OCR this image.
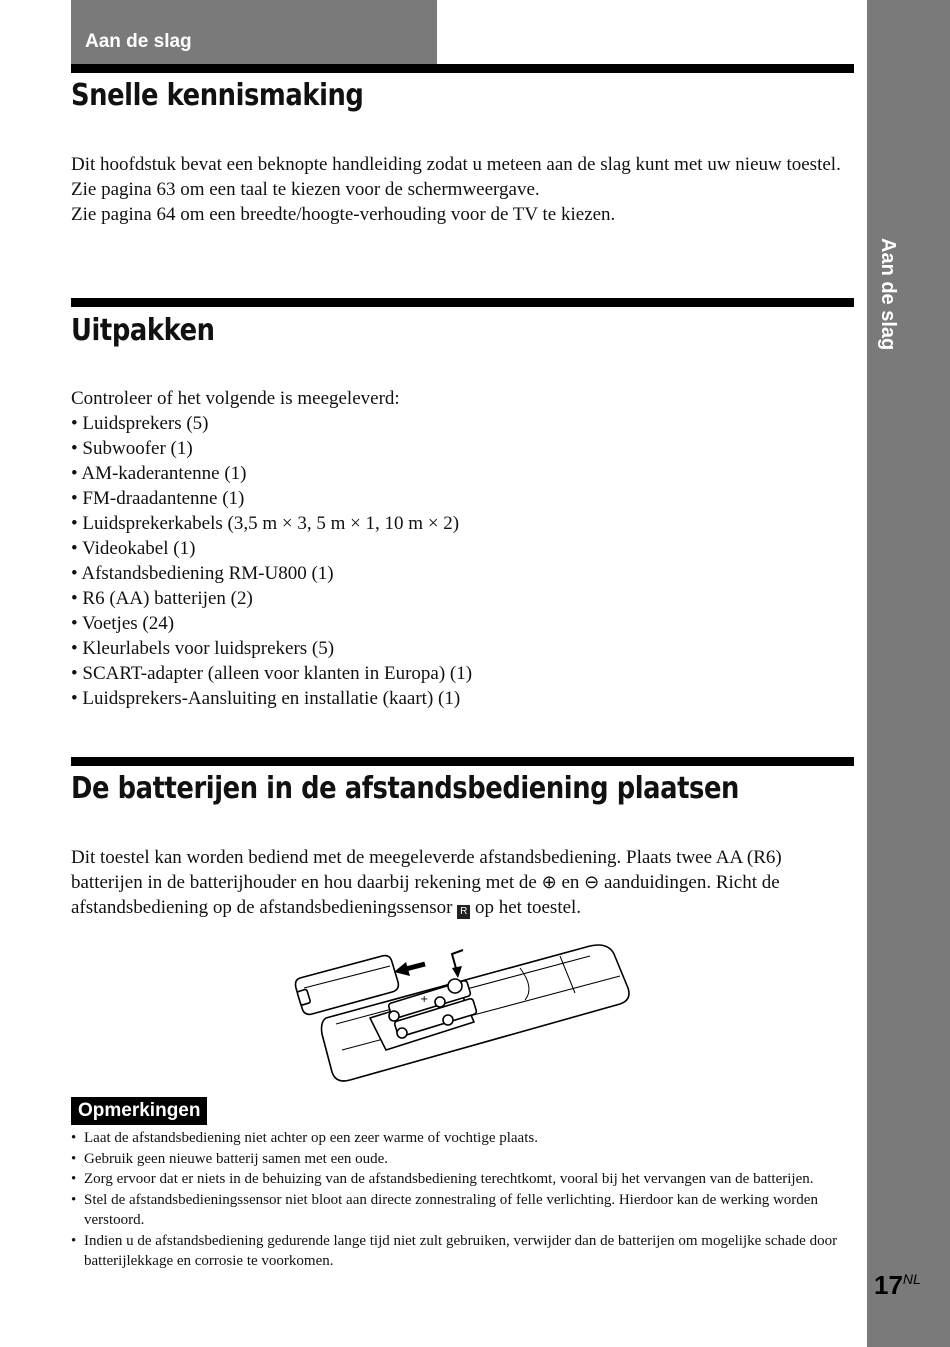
Aan de slag
Aan de slag
Snelle kennismaking

Dit hoofdstuk bevat een beknopte handleiding zodat u meteen aan de slag kunt met uw nieuw toestel.

Zie pagina 63 om een taal te kiezen voor de schermweergave.

Zie pagina 64 om een breedte/hoogte-verhouding voor de TV te kiezen.

Uitpakken
Controleer of het volgende is meegeleverd:
• Luidsprekers (5)
• Subwoofer (1)
• AM-kaderantenne (1)
• FM-draadantenne (1)
• Luidsprekerkabels (3,5 m × 3, 5 m × 1, 10 m × 2)
• Videokabel (1)
• Afstandsbediening RM-U800 (1)
• R6 (AA) batterijen (2)
• Voetjes (24)
• Kleurlabels voor luidsprekers (5)
• SCART-adapter (alleen voor klanten in Europa) (1)
• Luidsprekers-Aansluiting en installatie (kaart) (1)
De batterijen in de afstandsbediening plaatsen
Dit toestel kan worden bediend met de meegeleverde afstandsbediening. Plaats twee AA (R6) batterijen in de batterijhouder en hou daarbij rekening met de ⊕ en ⊖ aanduidingen. Richt de afstandsbediening op de afstandsbedieningssensor R op het toestel.
+
Opmerkingen
• Laat de afstandsbediening niet achter op een zeer warme of vochtige plaats.
• Gebruik geen nieuwe batterij samen met een oude.
• Zorg ervoor dat er niets in de behuizing van de afstandsbediening terechtkomt, vooral bij het vervangen van de batterijen.
• Stel de afstandsbedieningssensor niet bloot aan directe zonnestraling of felle verlichting. Hierdoor kan de werking worden verstoord.
• Indien u de afstandsbediening gedurende lange tijd niet zult gebruiken, verwijder dan de batterijen om mogelijke schade door batterijlekkage en corrosie te voorkomen.
$17^{NL}$
